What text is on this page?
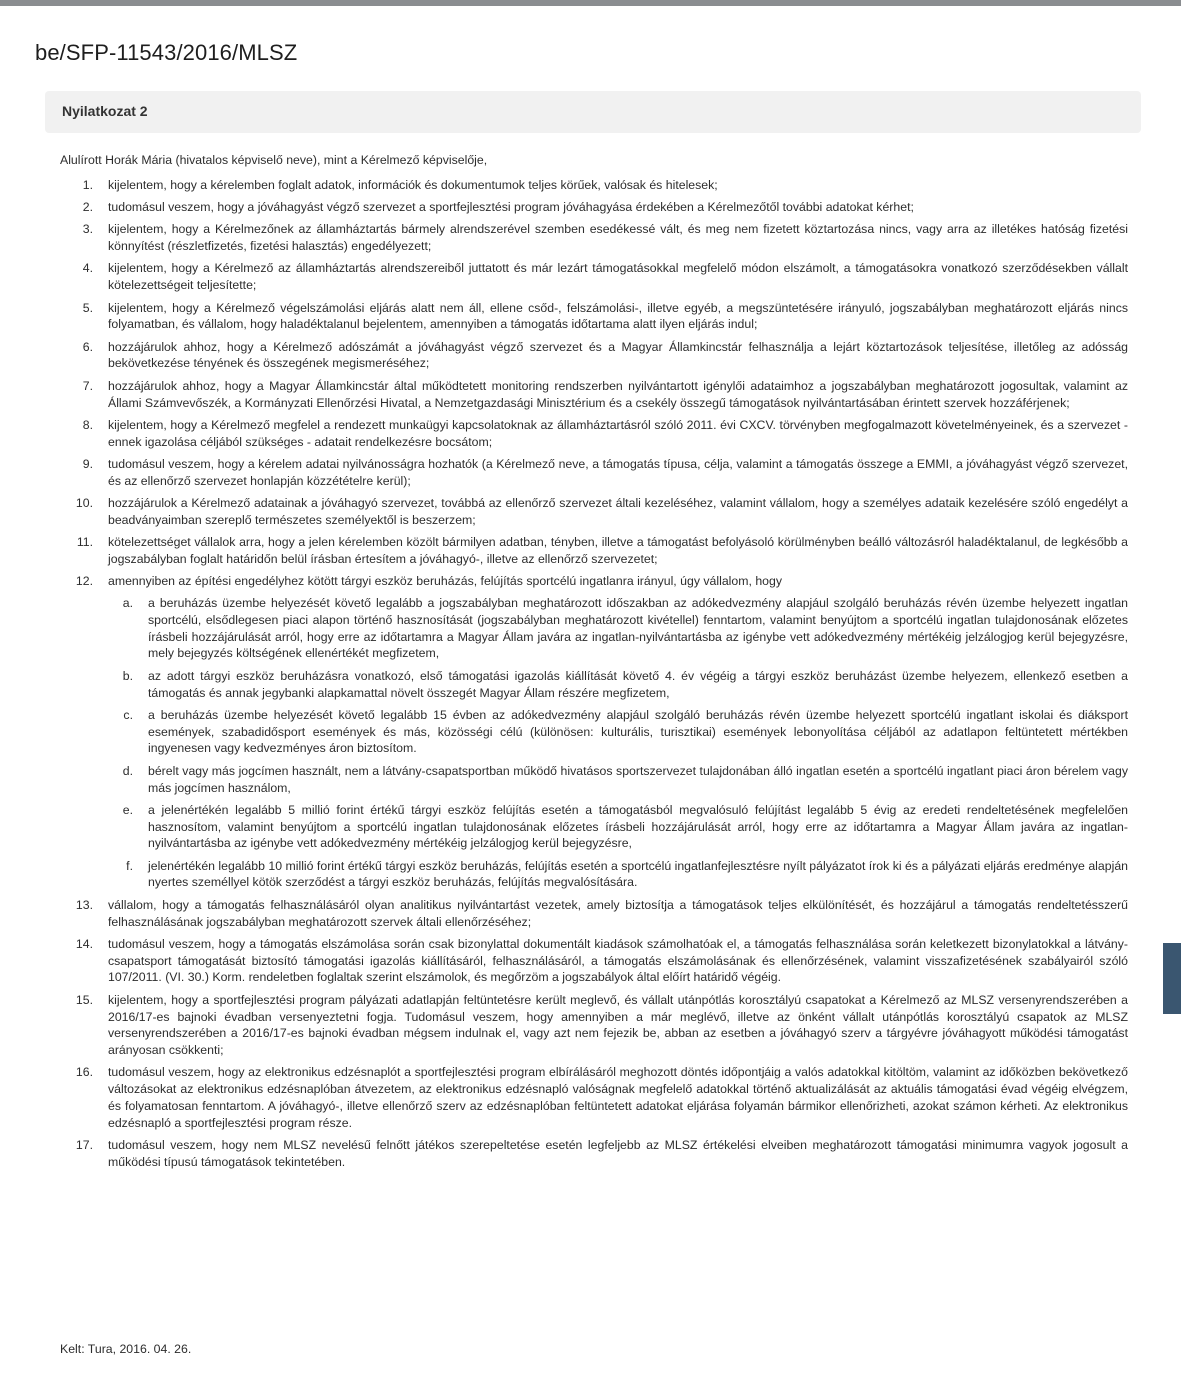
be/SFP-11543/2016/MLSZ
Nyilatkozat 2

Alulírott Horák Mária (hivatalos képviselő neve), mint a Kérelmező képviselője,

1. kijelentem, hogy a kérelemben foglalt adatok, információk és dokumentumok teljes körűek, valósak és hitelesek;
2. tudomásul veszem, hogy a jóváhagyást végző szervezet a sportfejlesztési program jóváhagyása érdekében a Kérelmezőtől további adatokat kérhet;
3. kijelentem, hogy a Kérelmezőnek az államháztartás bármely alrendszerével szemben esedékessé vált, és meg nem fizetett köztartozása nincs, vagy arra az illetékes hatóság fizetési könnyítést (részletfizetés, fizetési halasztás) engedélyezett;
4. kijelentem, hogy a Kérelmező az államháztartás alrendszereiből juttatott és már lezárt támogatásokkal megfelelő módon elszámolt, a támogatásokra vonatkozó szerződésekben vállalt kötelezettségeit teljesítette;
5. kijelentem, hogy a Kérelmező végelszámolási eljárás alatt nem áll, ellene csőd-, felszámolási-, illetve egyéb, a megszüntetésére irányuló, jogszabályban meghatározott eljárás nincs folyamatban, és vállalom, hogy haladéktalanul bejelentem, amennyiben a támogatás időtartama alatt ilyen eljárás indul;
6. hozzájárulok ahhoz, hogy a Kérelmező adószámát a jóváhagyást végző szervezet és a Magyar Államkincstár felhasználja a lejárt köztartozások teljesítése, illetőleg az adósság bekövetkezése tényének és összegének megismeréséhez;
7. hozzájárulok ahhoz, hogy a Magyar Államkincstár által működtetett monitoring rendszerben nyilvántartott igénylői adataimhoz a jogszabályban meghatározott jogosultak, valamint az Állami Számvevőszék, a Kormányzati Ellenőrzési Hivatal, a Nemzetgazdasági Minisztérium és a csekély összegű támogatások nyilvántartásában érintett szervek hozzáférjenek;
8. kijelentem, hogy a Kérelmező megfelel a rendezett munkaügyi kapcsolatoknak az államháztartásról szóló 2011. évi CXCV. törvényben megfogalmazott követelményeinek, és a szervezet - ennek igazolása céljából szükséges - adatait rendelkezésre bocsátom;
9. tudomásul veszem, hogy a kérelem adatai nyilvánosságra hozhatók (a Kérelmező neve, a támogatás típusa, célja, valamint a támogatás összege a EMMI, a jóváhagyást végző szervezet, és az ellenőrző szervezet honlapján közzétételre kerül);
10. hozzájárulok a Kérelmező adatainak a jóváhagyó szervezet, továbbá az ellenőrző szervezet általi kezeléséhez, valamint vállalom, hogy a személyes adataik kezelésére szóló engedélyt a beadványaimban szereplő természetes személyektől is beszerzem;
11. kötelezettséget vállalok arra, hogy a jelen kérelemben közölt bármilyen adatban, tényben, illetve a támogatást befolyásoló körülményben beálló változásról haladéktalanul, de legkésőbb a jogszabályban foglalt határidőn belül írásban értesítem a jóváhagyó-, illetve az ellenőrző szervezetet;
12. amennyiben az építési engedélyhez kötött tárgyi eszköz beruházás, felújítás sportcélú ingatlanra irányul, úgy vállalom, hogy
a. a beruházás üzembe helyezését követő legalább a jogszabályban meghatározott időszakban az adókedvezmény alapjául szolgáló beruházás révén üzembe helyezett ingatlan sportcélú, elsődlegesen piaci alapon történő hasznosítását (jogszabályban meghatározott kivétellel) fenntartom, valamint benyújtom a sportcélú ingatlan tulajdonosának előzetes írásbeli hozzájárulását arról, hogy erre az időtartamra a Magyar Állam javára az ingatlan-nyilvántartásba az igénybe vett adókedvezmény mértékéig jelzálogjog kerül bejegyzésre, mely bejegyzés költségének ellenértékét megfizetem,
b. az adott tárgyi eszköz beruházásra vonatkozó, első támogatási igazolás kiállítását követő 4. év végéig a tárgyi eszköz beruházást üzembe helyezem, ellenkező esetben a támogatás és annak jegybanki alapkamattal növelt összegét Magyar Állam részére megfizetem,
c. a beruházás üzembe helyezését követő legalább 15 évben az adókedvezmény alapjául szolgáló beruházás révén üzembe helyezett sportcélú ingatlant iskolai és diáksport események, szabadidősport események és más, közösségi célú (különösen: kulturális, turisztikai) események lebonyolítása céljából az adatlapon feltüntetett mértékben ingyenesen vagy kedvezményes áron biztosítom.
d. bérelt vagy más jogcímen használt, nem a látvány-csapatsportban működő hivatásos sportszervezet tulajdonában álló ingatlan esetén a sportcélú ingatlant piaci áron bérelem vagy más jogcímen használom,
e. a jelenértékén legalább 5 millió forint értékű tárgyi eszköz felújítás esetén a támogatásból megvalósuló felújítást legalább 5 évig az eredeti rendeltetésének megfelelően hasznosítom, valamint benyújtom a sportcélú ingatlan tulajdonosának előzetes írásbeli hozzájárulását arról, hogy erre az időtartamra a Magyar Állam javára az ingatlan-nyilvántartásba az igénybe vett adókedvezmény mértékéig jelzálogjog kerül bejegyzésre,
f. jelenértékén legalább 10 millió forint értékű tárgyi eszköz beruházás, felújítás esetén a sportcélú ingatlanfejlesztésre nyílt pályázatot írok ki és a pályázati eljárás eredménye alapján nyertes személlyel kötök szerződést a tárgyi eszköz beruházás, felújítás megvalósítására.
13. vállalom, hogy a támogatás felhasználásáról olyan analitikus nyilvántartást vezetek, amely biztosítja a támogatások teljes elkülönítését, és hozzájárul a támogatás rendeltetésszerű felhasználásának jogszabályban meghatározott szervek általi ellenőrzéséhez;
14. tudomásul veszem, hogy a támogatás elszámolása során csak bizonylattal dokumentált kiadások számolhatóak el, a támogatás felhasználása során keletkezett bizonylatokkal a látvány-csapatsport támogatását biztosító támogatási igazolás kiállításáról, felhasználásáról, a támogatás elszámolásának és ellenőrzésének, valamint visszafizetésének szabályairól szóló 107/2011. (VI. 30.) Korm. rendeletben foglaltak szerint elszámolok, és megőrzöm a jogszabályok által előírt határidő végéig.
15. kijelentem, hogy a sportfejlesztési program pályázati adatlapján feltüntetésre került meglevő, és vállalt utánpótlás korosztályú csapatokat a Kérelmező az MLSZ versenyrendszerében a 2016/17-es bajnoki évadban versenyeztetni fogja. Tudomásul veszem, hogy amennyiben a már meglévő, illetve az önként vállalt utánpótlás korosztályú csapatok az MLSZ versenyrendszerében a 2016/17-es bajnoki évadban mégsem indulnak el, vagy azt nem fejezik be, abban az esetben a jóváhagyó szerv a tárgyévre jóváhagyott működési támogatást arányosan csökkenti;
16. tudomásul veszem, hogy az elektronikus edzésnaplót a sportfejlesztési program elbírálásáról meghozott döntés időpontjáig a valós adatokkal kitöltöm, valamint az időközben bekövetkező változásokat az elektronikus edzésnaplóban átvezetem, az elektronikus edzésnapló valóságnak megfelelő adatokkal történő aktualizálását az aktuális támogatási évad végéig elvégzem, és folyamatosan fenntartom. A jóváhagyó-, illetve ellenőrző szerv az edzésnaplóban feltüntetett adatokat eljárása folyamán bármikor ellenőrizheti, azokat számon kérheti. Az elektronikus edzésnapló a sportfejlesztési program része.
17. tudomásul veszem, hogy nem MLSZ nevelésű felnőtt játékos szerepeltetése esetén legfeljebb az MLSZ értékelési elveiben meghatározott támogatási minimumra vagyok jogosult a működési típusú támogatások tekintetében.
Kelt: Tura, 2016. 04. 26.
